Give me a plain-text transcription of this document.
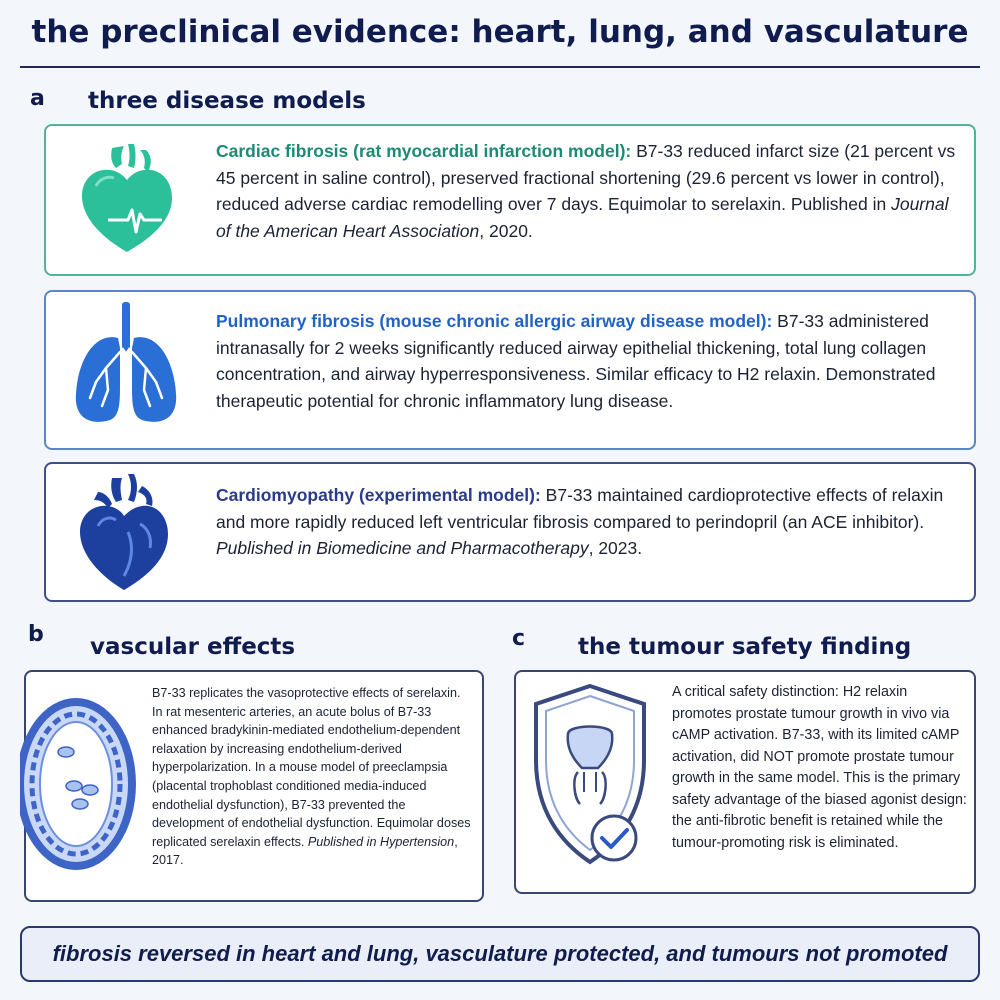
the preclinical evidence: heart, lung, and vasculature
a three disease models
Cardiac fibrosis (rat myocardial infarction model): B7-33 reduced infarct size (21 percent vs 45 percent in saline control), preserved fractional shortening (29.6 percent vs lower in control), reduced adverse cardiac remodelling over 7 days. Equimolar to serelaxin. Published in Journal of the American Heart Association, 2020.
Pulmonary fibrosis (mouse chronic allergic airway disease model): B7-33 administered intranasally for 2 weeks significantly reduced airway epithelial thickening, total lung collagen concentration, and airway hyperresponsiveness. Similar efficacy to H2 relaxin. Demonstrated therapeutic potential for chronic inflammatory lung disease.
Cardiomyopathy (experimental model): B7-33 maintained cardioprotective effects of relaxin and more rapidly reduced left ventricular fibrosis compared to perindopril (an ACE inhibitor). Published in Biomedicine and Pharmacotherapy, 2023.
b vascular effects
B7-33 replicates the vasoprotective effects of serelaxin. In rat mesenteric arteries, an acute bolus of B7-33 enhanced bradykinin-mediated endothelium-dependent relaxation by increasing endothelium-derived hyperpolarization. In a mouse model of preeclampsia (placental trophoblast conditioned media-induced endothelial dysfunction), B7-33 prevented the development of endothelial dysfunction. Equimolar doses replicated serelaxin effects. Published in Hypertension, 2017.
c the tumour safety finding
A critical safety distinction: H2 relaxin promotes prostate tumour growth in vivo via cAMP activation. B7-33, with its limited cAMP activation, did NOT promote prostate tumour growth in the same model. This is the primary safety advantage of the biased agonist design: the anti-fibrotic benefit is retained while the tumour-promoting risk is eliminated.
fibrosis reversed in heart and lung, vasculature protected, and tumours not promoted
